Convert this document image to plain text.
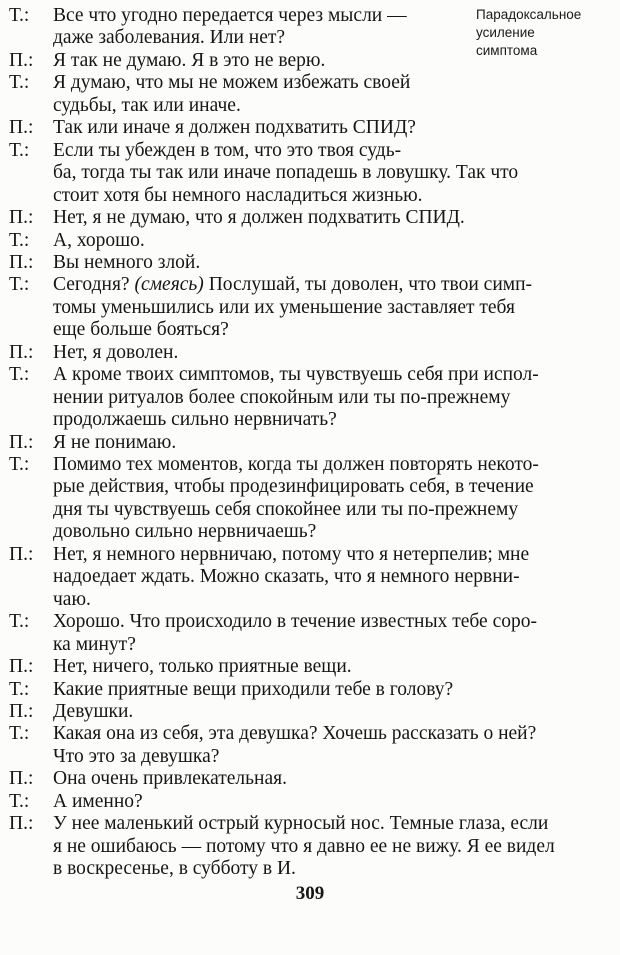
Парадоксальное
усиление
симптома
Т.:	Все что угодно передается через мысли —
даже заболевания. Или нет?
П.:	Я так не думаю. Я в это не верю.
Т.:	Я думаю, что мы не можем избежать своей
судьбы, так или иначе.
П.:	Так или иначе я должен подхватить СПИД?
Т.:	Если ты убежден в том, что это твоя судь-
ба, тогда ты так или иначе попадешь в ловушку. Так что
стоит хотя бы немного насладиться жизнью.
П.:	Нет, я не думаю, что я должен подхватить СПИД.
Т.:	А, хорошо.
П.:	Вы немного злой.
Т.:	Сегодня? (смеясь) Послушай, ты доволен, что твои симп-
томы уменьшились или их уменьшение заставляет тебя
еще больше бояться?
П.:	Нет, я доволен.
Т.:	А кроме твоих симптомов, ты чувствуешь себя при испол-
нении ритуалов более спокойным или ты по-прежнему
продолжаешь сильно нервничать?
П.:	Я не понимаю.
Т.:	Помимо тех моментов, когда ты должен повторять некото-
рые действия, чтобы продезинфицировать себя, в течение
дня ты чувствуешь себя спокойнее или ты по-прежнему
довольно сильно нервничаешь?
П.:	Нет, я немного нервничаю, потому что я нетерпелив; мне
надоедает ждать. Можно сказать, что я немного нервни-
чаю.
Т.:	Хорошо. Что происходило в течение известных тебе соро-
ка минут?
П.:	Нет, ничего, только приятные вещи.
Т.:	Какие приятные вещи приходили тебе в голову?
П.:	Девушки.
Т.:	Какая она из себя, эта девушка? Хочешь рассказать о ней?
Что это за девушка?
П.:	Она очень привлекательная.
Т.:	А именно?
П.:	У нее маленький острый курносый нос. Темные глаза, если
я не ошибаюсь — потому что я давно ее не вижу. Я ее видел
в воскресенье, в субботу в И.
309
